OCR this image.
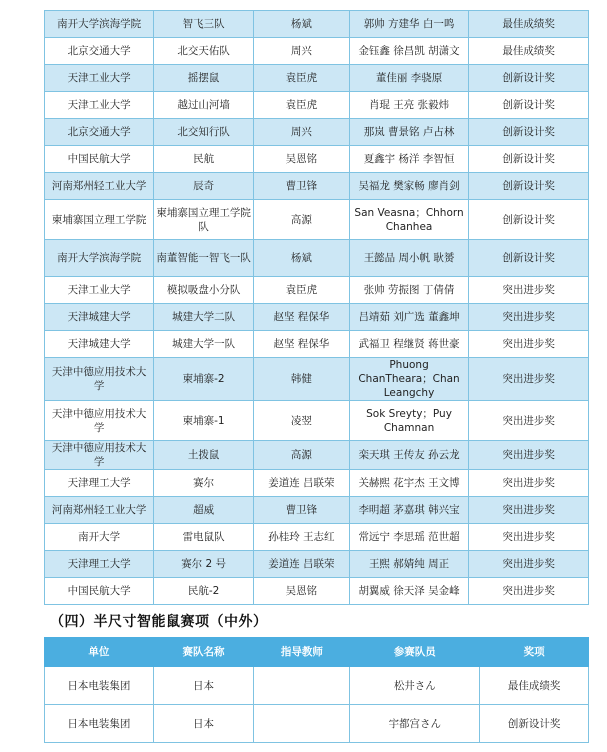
南开大学滨海学院	智飞三队	杨斌	郭帅 方建华 白一鸣	最佳成绩奖
北京交通大学	北交天佑队	周兴	金钰鑫 徐昌凯 胡潇文	最佳成绩奖
天津工业大学	摇摆鼠	袁臣虎	董佳丽 李骁原	创新设计奖
天津工业大学	越过山河墙	袁臣虎	肖琨 王亮 张毅炜	创新设计奖
北京交通大学	北交知行队	周兴	那岚 曹景铭 卢占林	创新设计奖
中国民航大学	民航	吴恩铭	夏鑫宇 杨洋 李智恒	创新设计奖
河南郑州轻工业大学	辰奇	曹卫锋	吴福龙 樊家畅 廖肖剑	创新设计奖
柬埔寨国立理工学院	柬埔寨国立理工学院队	高源	San Veasna；Chhorn Chanhea	创新设计奖
南开大学滨海学院	南董智能一智飞一队	杨斌	王懿品 周小帆 耿赟	创新设计奖
天津工业大学	模拟吸盘小分队	袁臣虎	张帅 劳振图 丁倩倩	突出进步奖
天津城建大学	城建大学二队	赵坚 程保华	吕靖茹 刘广选 董鑫坤	突出进步奖
天津城建大学	城建大学一队	赵坚 程保华	武福卫 程继贤 蒋世豪	突出进步奖
天津中德应用技术大学	柬埔寨-2	韩健	Phuong ChanTheara；Chan Leangchy	突出进步奖
天津中德应用技术大学	柬埔寨-1	凌翌	Sok Sreyty；Puy Chamnan	突出进步奖
天津中德应用技术大学	土拨鼠	高源	栾天琪 王传友 孙云龙	突出进步奖
天津理工大学	赛尔	姜道连 吕联荣	关赫熙 花宇杰 王文博	突出进步奖
河南郑州轻工业大学	超威	曹卫锋	李明超 茅嘉琪 韩兴宝	突出进步奖
南开大学	雷电鼠队	孙桂玲 王志红	常远宁 李思瑶 范世超	突出进步奖
天津理工大学	赛尔 2 号	姜道连 吕联荣	王熙 郝婧纯 周正	突出进步奖
中国民航大学	民航-2	吴恩铭	胡翼威 徐天泽 吴金峰	突出进步奖
（四）半尺寸智能鼠赛项（中外）
单位	赛队名称	指导教师	参赛队员	奖项
日本电装集团	日本		松井さん	最佳成绩奖
日本电装集团	日本		宇都宫さん	创新设计奖
